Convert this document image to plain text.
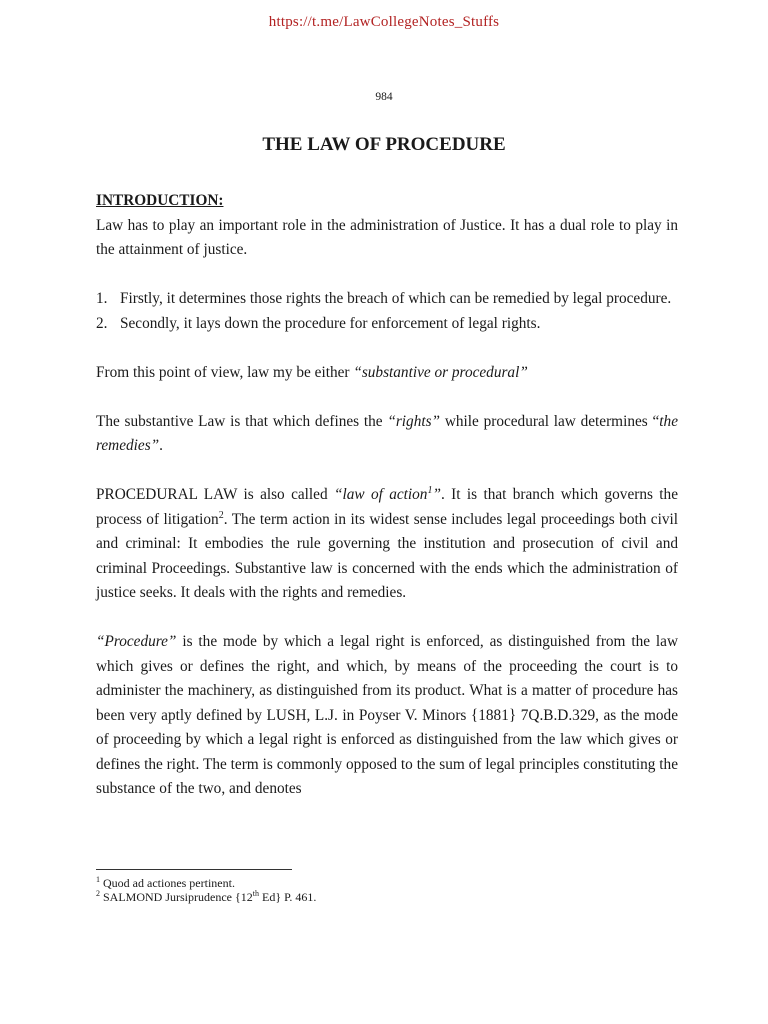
https://t.me/LawCollegeNotes_Stuffs
984
THE LAW OF PROCEDURE
INTRODUCTION:

Law has to play an important role in the administration of Justice. It has a dual role to play in the attainment of justice.

1. Firstly, it determines those rights the breach of which can be remedied by legal procedure.
2. Secondly, it lays down the procedure for enforcement of legal rights.

From this point of view, law my be either “substantive or procedural”

The substantive Law is that which defines the “rights” while procedural law determines “the remedies”.

PROCEDURAL LAW is also called “law of action$^1$”. It is that branch which governs the process of litigation$^2$. The term action in its widest sense includes legal proceedings both civil and criminal: It embodies the rule governing the institution and prosecution of civil and criminal Proceedings. Substantive law is concerned with the ends which the administration of justice seeks. It deals with the rights and remedies.

“Procedure” is the mode by which a legal right is enforced, as distinguished from the law which gives or defines the right, and which, by means of the proceeding the court is to administer the machinery, as distinguished from its product. What is a matter of procedure has been very aptly defined by LUSH, L.J. in Poyser V. Minors {1881} 7Q.B.D.329, as the mode of proceeding by which a legal right is enforced as distinguished from the law which gives or defines the right. The term is commonly opposed to the sum of legal principles constituting the substance of the two, and denotes

$^1$ Quod ad actiones pertinent.
$^2$ SALMOND Jursiprudence {12th Ed} P. 461.
